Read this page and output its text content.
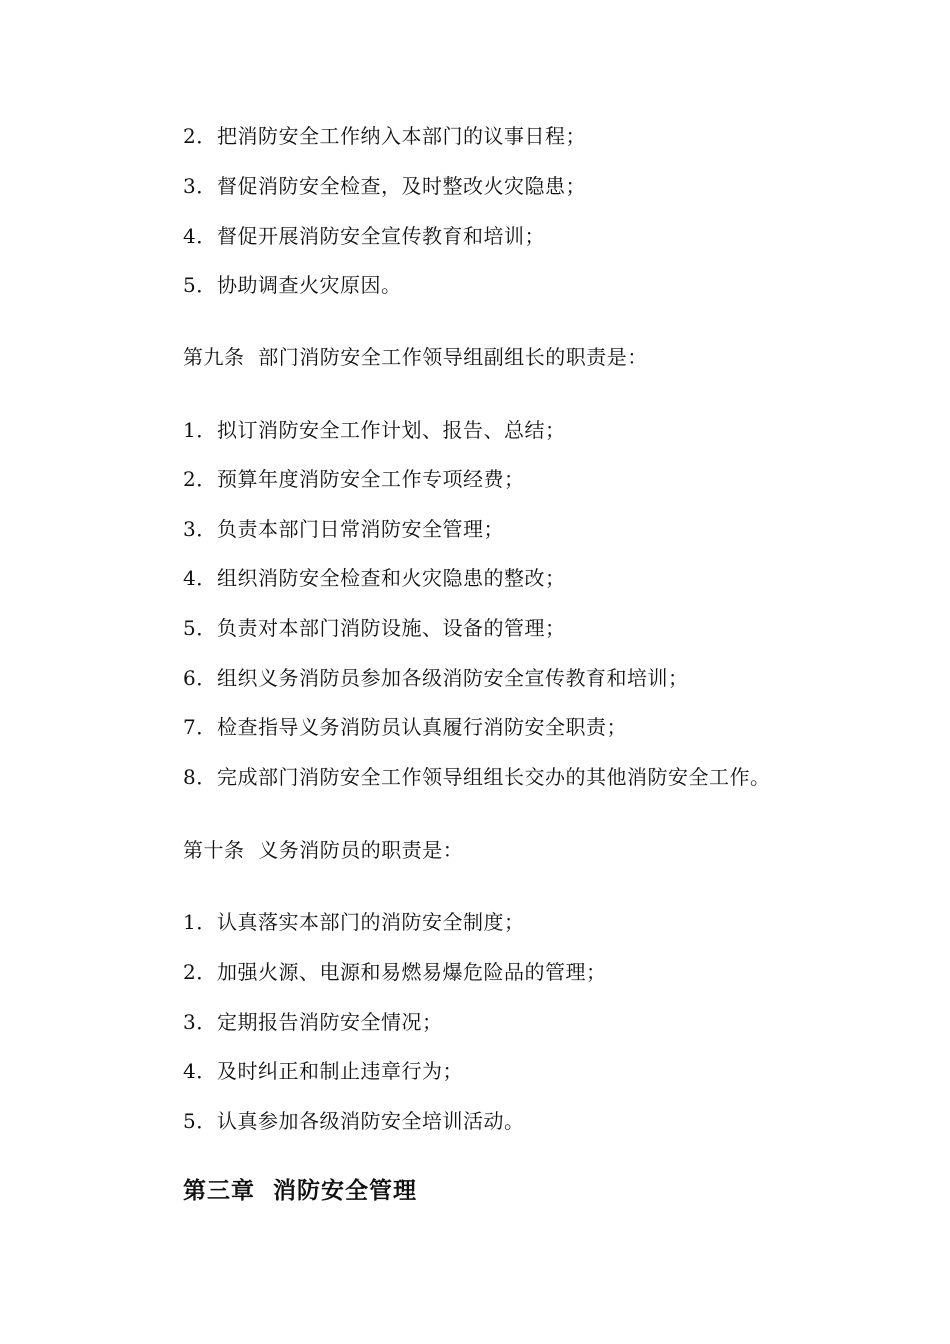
2．把消防安全工作纳入本部门的议事日程；
3．督促消防安全检查，及时整改火灾隐患；
4．督促开展消防安全宣传教育和培训；
5．协助调查火灾原因。
第九条  部门消防安全工作领导组副组长的职责是：
1．拟订消防安全工作计划、报告、总结；
2．预算年度消防安全工作专项经费；
3．负责本部门日常消防安全管理；
4．组织消防安全检查和火灾隐患的整改；
5．负责对本部门消防设施、设备的管理；
6．组织义务消防员参加各级消防安全宣传教育和培训；
7．检查指导义务消防员认真履行消防安全职责；
8．完成部门消防安全工作领导组组长交办的其他消防安全工作。
第十条  义务消防员的职责是：
1．认真落实本部门的消防安全制度；
2．加强火源、电源和易燃易爆危险品的管理；
3．定期报告消防安全情况；
4．及时纠正和制止违章行为；
5．认真参加各级消防安全培训活动。
第三章  消防安全管理
